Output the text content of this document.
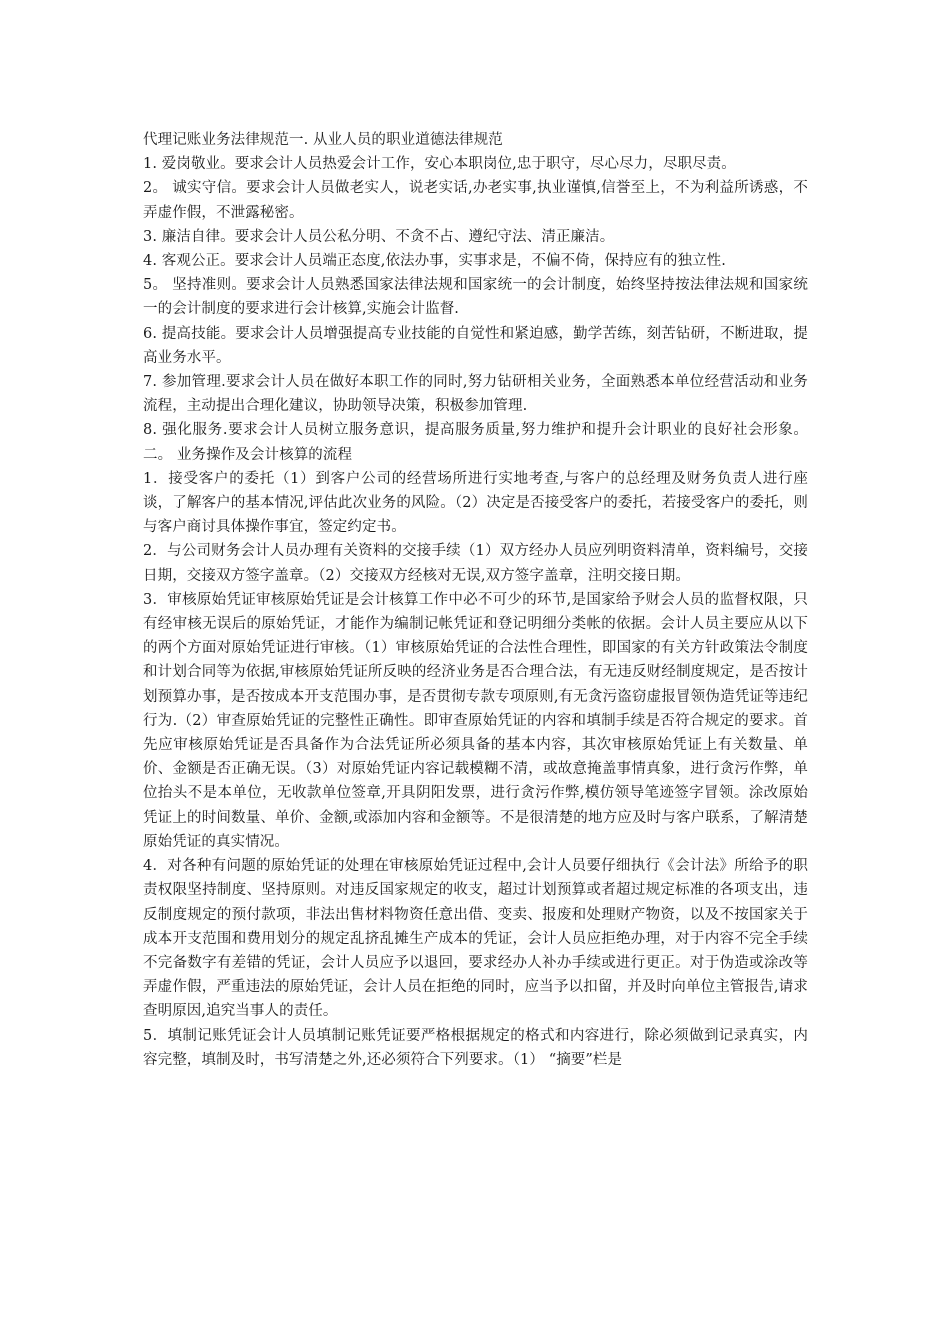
代理记账业务法律规范一. 从业人员的职业道德法律规范

1. 爱岗敬业。要求会计人员热爱会计工作，安心本职岗位,忠于职守，尽心尽力，尽职尽责。

2。 诚实守信。要求会计人员做老实人，说老实话,办老实事,执业谨慎,信誉至上，不为利益所诱惑，不弄虚作假，不泄露秘密。

3. 廉洁自律。要求会计人员公私分明、不贪不占、遵纪守法、清正廉洁。

4. 客观公正。要求会计人员端正态度,依法办事，实事求是，不偏不倚，保持应有的独立性.

5。 坚持准则。要求会计人员熟悉国家法律法规和国家统一的会计制度，始终坚持按法律法规和国家统一的会计制度的要求进行会计核算,实施会计监督.

6. 提高技能。要求会计人员增强提高专业技能的自觉性和紧迫感，勤学苦练，刻苦钻研，不断进取，提高业务水平。

7. 参加管理.要求会计人员在做好本职工作的同时,努力钻研相关业务，全面熟悉本单位经营活动和业务流程，主动提出合理化建议，协助领导决策，积极参加管理.

8. 强化服务.要求会计人员树立服务意识，提高服务质量,努力维护和提升会计职业的良好社会形象。二。 业务操作及会计核算的流程

1．接受客户的委托（1）到客户公司的经营场所进行实地考查,与客户的总经理及财务负责人进行座谈，了解客户的基本情况,评估此次业务的风险。（2）决定是否接受客户的委托，若接受客户的委托，则与客户商讨具体操作事宜，签定约定书。

2．与公司财务会计人员办理有关资料的交接手续（1）双方经办人员应列明资料清单，资料编号，交接日期，交接双方签字盖章。（2）交接双方经核对无误,双方签字盖章，注明交接日期。

3．审核原始凭证审核原始凭证是会计核算工作中必不可少的环节,是国家给予财会人员的监督权限，只有经审核无误后的原始凭证，才能作为编制记帐凭证和登记明细分类帐的依据。会计人员主要应从以下的两个方面对原始凭证进行审核。（1）审核原始凭证的合法性合理性，即国家的有关方针政策法令制度和计划合同等为依据,审核原始凭证所反映的经济业务是否合理合法，有无违反财经制度规定，是否按计划预算办事，是否按成本开支范围办事，是否贯彻专款专项原则,有无贪污盗窃虚报冒领伪造凭证等违纪行为.（2）审查原始凭证的完整性正确性。即审查原始凭证的内容和填制手续是否符合规定的要求。首先应审核原始凭证是否具备作为合法凭证所必须具备的基本内容，其次审核原始凭证上有关数量、单价、金额是否正确无误。（3）对原始凭证内容记载模糊不清，或故意掩盖事情真象，进行贪污作弊，单位抬头不是本单位，无收款单位签章,开具阴阳发票，进行贪污作弊,模仿领导笔迹签字冒领。涂改原始凭证上的时间数量、单价、金额,或添加内容和金额等。不是很清楚的地方应及时与客户联系，了解清楚原始凭证的真实情况。

4．对各种有问题的原始凭证的处理在审核原始凭证过程中,会计人员要仔细执行《会计法》所给予的职责权限坚持制度、坚持原则。对违反国家规定的收支，超过计划预算或者超过规定标准的各项支出，违反制度规定的预付款项，非法出售材料物资任意出借、变卖、报废和处理财产物资，以及不按国家关于成本开支范围和费用划分的规定乱挤乱摊生产成本的凭证，会计人员应拒绝办理，对于内容不完全手续不完备数字有差错的凭证，会计人员应予以退回，要求经办人补办手续或进行更正。对于伪造或涂改等弄虚作假，严重违法的原始凭证，会计人员在拒绝的同时，应当予以扣留，并及时向单位主管报告,请求查明原因,追究当事人的责任。

5．填制记账凭证会计人员填制记账凭证要严格根据规定的格式和内容进行，除必须做到记录真实，内容完整，填制及时，书写清楚之外,还必须符合下列要求。（1） “摘要”栏是
